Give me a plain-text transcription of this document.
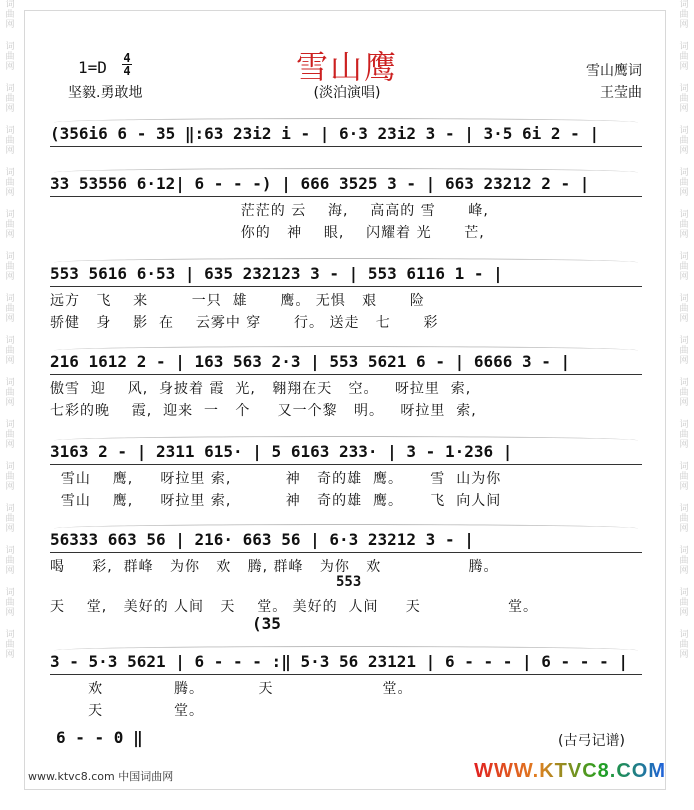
词曲网
词曲网
词曲网
词曲网
词曲网
词曲网
词曲网
词曲网
词曲网
词曲网
词曲网
词曲网
词曲网
词曲网
词曲网
词曲网
词曲网
词曲网
词曲网
词曲网
词曲网
词曲网
词曲网
词曲网
词曲网
词曲网
词曲网
词曲网
词曲网
词曲网
词曲网
词曲网
雪山鹰
(淡泊演唱)
1=D 4
4
坚毅.勇敢地
雪山鹰词
王莹曲
(356i6 6 - 35 ‖:63 23i2 i - | 6·3 23i2 3 - | 3·5 6i 2 - |
33 53556 6·12| 6 - - -) | 666 3525 3 - | 663 23212 2 - |
茫茫的 云    海,    高高的 雪      峰,
你的   神    眼,    闪耀着 光      芒,
553 5616 6·53 | 635 232123 3 - | 553 6116 1 - |
远方   飞    来        一只  雄      鹰。 无惧   艰      险
骄健   身    影  在    云雾中 穿      行。 送走   七      彩
216 1612 2 - | 163 563 2·3 | 553 5621 6 - | 6666 3 - |
傲雪  迎    风,  身披着 霞  光,   翱翔在天   空。   呀拉里  索,
七彩的晚    霞,  迎来  一   个     又一个黎   明。   呀拉里  索,
3163 2 - | 2311 615· | 5 6163 233· | 3 - 1·236 |
雪山    鹰,     呀拉里 索,          神   奇的雄  鹰。     雪  山为你
雪山    鹰,     呀拉里 索,          神   奇的雄  鹰。     飞  向人间
56333 663 56 | 216· 663 56 | 6·3 23212 3 - |
喝     彩,  群峰   为你   欢   腾, 群峰   为你   欢                腾。
553
天    堂,   美好的 人间   天    堂。 美好的  人间     天                堂。
(35
3 - 5·3 5621 | 6 - - - :‖ 5·3 56 23121 | 6 - - - | 6 - - - |
欢             腾。          天                    堂。
天             堂。
6 - - 0 ‖	(古弓记谱)
www.ktvc8.com 中国词曲网	WWW.KTVC8.COM
